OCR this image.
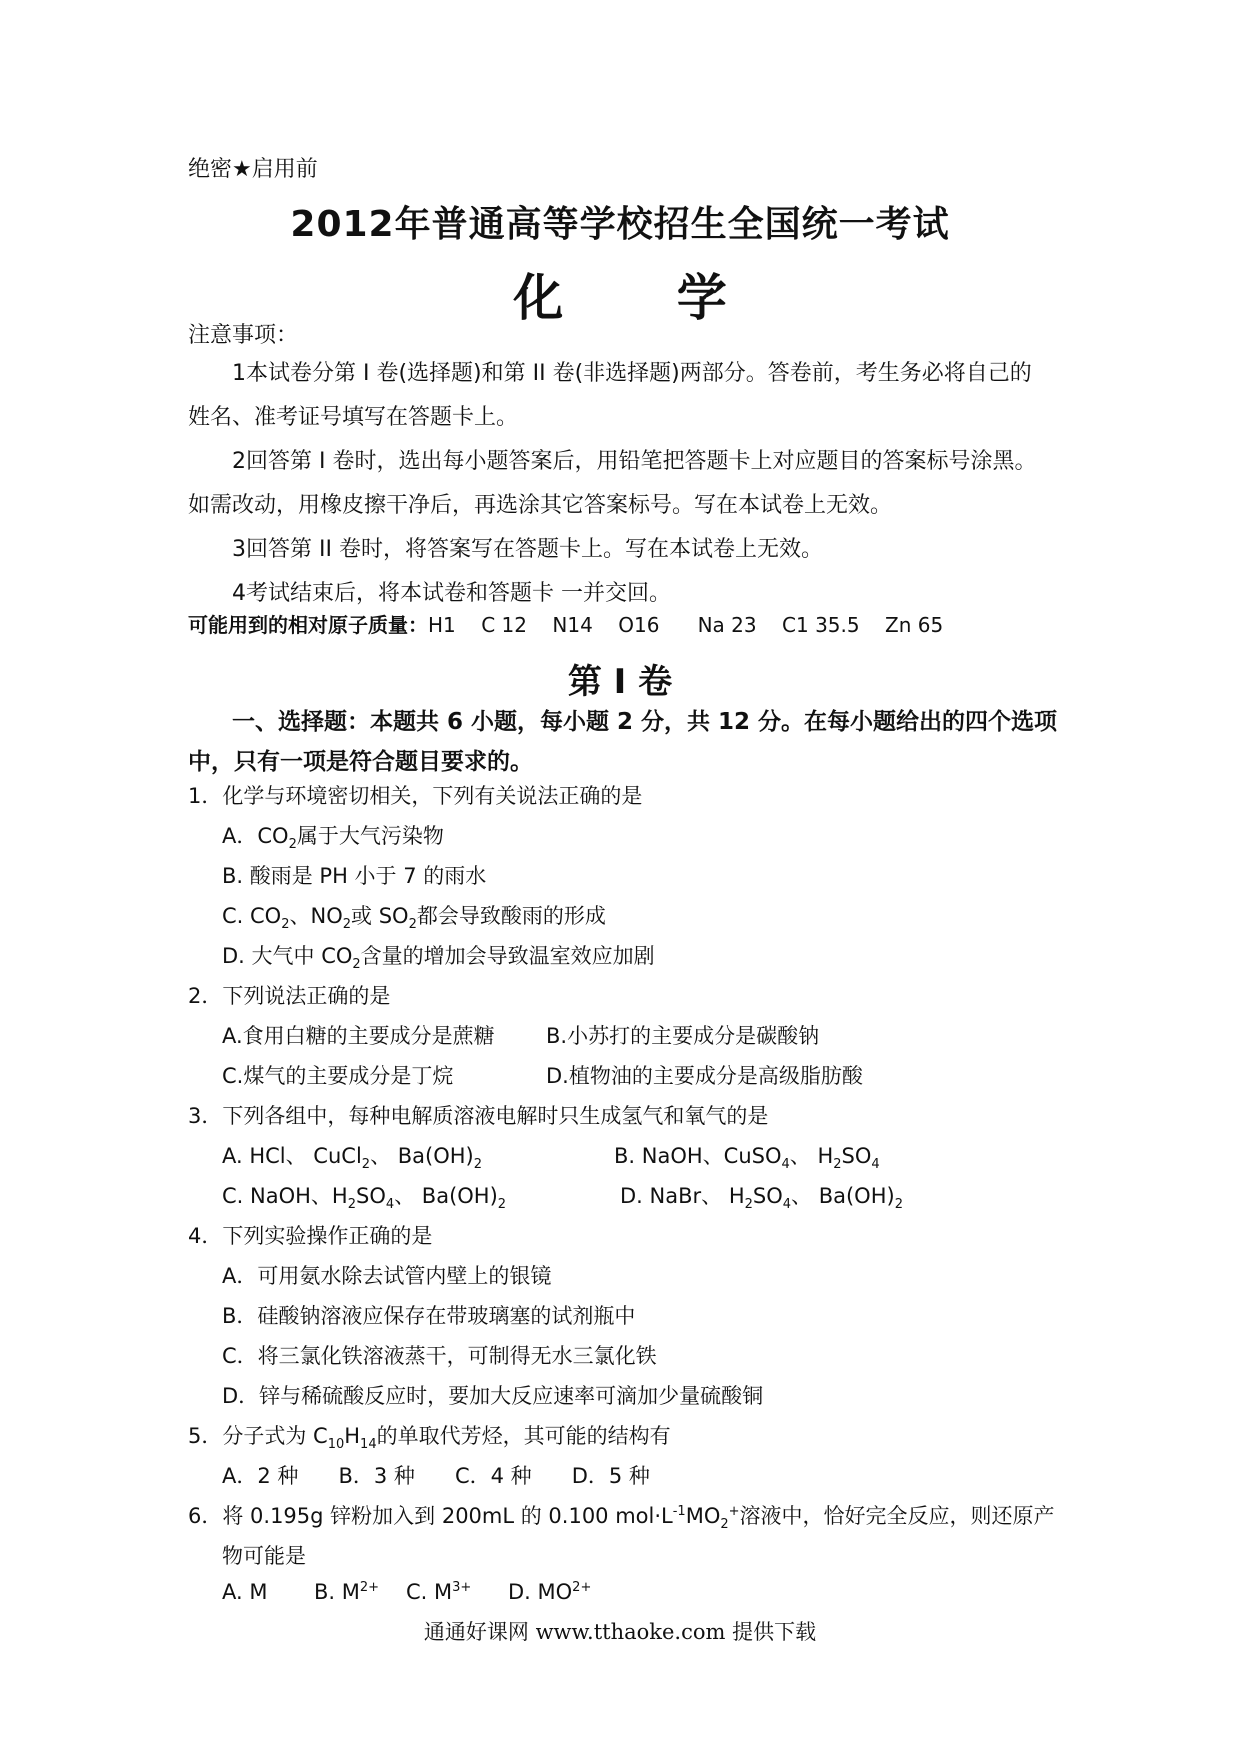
绝密★启用前
2012年普通高等学校招生全国统一考试
化 学
注意事项：
1本试卷分第 I 卷(选择题)和第 II 卷(非选择题)两部分。答卷前，考生务必将自己的
姓名、准考证号填写在答题卡上。
2回答第 I 卷时，选出每小题答案后，用铅笔把答题卡上对应题目的答案标号涂黑。
如需改动，用橡皮擦干净后，再选涂其它答案标号。写在本试卷上无效。
3回答第 II 卷时，将答案写在答题卡上。写在本试卷上无效。
4考试结束后，将本试卷和答题卡 一并交回。
可能用到的相对原子质量：H1    C 12    N14    O16      Na 23    C1 35.5    Zn 65
第 I 卷
一、选择题：本题共 6 小题，每小题 2 分，共 12 分。在每小题给出的四个选项中，只有一项是符合题目要求的。
1．化学与环境密切相关，下列有关说法正确的是
A．$CO_2$属于大气污染物
B. 酸雨是 PH 小于 7 的雨水
C. $CO_2$、$NO_2$或 $SO_2$都会导致酸雨的形成
D. 大气中 $CO_2$含量的增加会导致温室效应加剧
2．下列说法正确的是
A.食用白糖的主要成分是蔗糖 B.小苏打的主要成分是碳酸钠
C.煤气的主要成分是丁烷	D.植物油的主要成分是高级脂肪酸
3．下列各组中，每种电解质溶液电解时只生成氢气和氧气的是
A. HCl、 CuCl$_2$、 $Ba(OH)_2$	B. NaOH、CuSO$_4$、 $H_2SO_4$
C. NaOH、$H_2SO_4$、 $Ba(OH)_2$	D. NaBr、 $H_2SO_4$、 $Ba(OH)_2$
4．下列实验操作正确的是
A．可用氨水除去试管内壁上的银镜
B．硅酸钠溶液应保存在带玻璃塞的试剂瓶中
C．将三氯化铁溶液蒸干，可制得无水三氯化铁
D．锌与稀硫酸反应时，要加大反应速率可滴加少量硫酸铜
5．分子式为 $C_{10}H_{14}$的单取代芳烃，其可能的结构有
A．2 种      B．3 种      C．4 种      D．5 种
6．将 0.195g 锌粉加入到 200mL 的 0.100 $mol\cdot L^{-1}MO_2^+$溶液中，恰好完全反应，则还原产
物可能是
A. M B. $M^{2+}$ C. $M^{3+}$ D. $MO^{2+}$
通通好课网 www.tthaoke.com 提供下载
